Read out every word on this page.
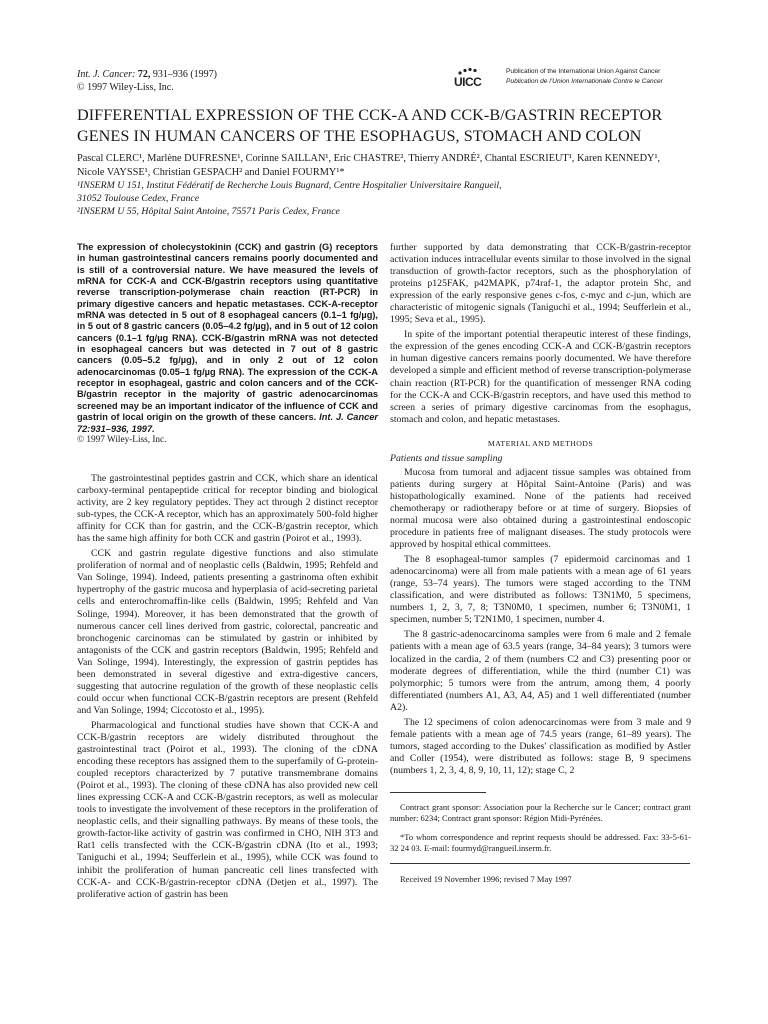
Int. J. Cancer: 72, 931–936 (1997)
© 1997 Wiley-Liss, Inc.	UICC
Publication of the International Union Against Cancer
Publication de l’Union Internationale Contre le Cancer
DIFFERENTIAL EXPRESSION OF THE CCK-A AND CCK-B/GASTRIN RECEPTOR
GENES IN HUMAN CANCERS OF THE ESOPHAGUS, STOMACH AND COLON
Pascal CLERC¹, Marlène DUFRESNE¹, Corinne SAILLAN¹, Eric CHASTRE², Thierry ANDRÉ², Chantal ESCRIEUT¹, Karen KENNEDY¹,
Nicole VAYSSE¹, Christian GESPACH² and Daniel FOURMY¹*
¹INSERM U 151, Institut Fédératif de Recherche Louis Bugnard, Centre Hospitalier Universitaire Rangueil,
31052 Toulouse Cedex, France
²INSERM U 55, Hôpital Saint Antoine, 75571 Paris Cedex, France
The expression of cholecystokinin (CCK) and gastrin (G) receptors in human gastrointestinal cancers remains poorly documented and is still of a controversial nature. We have measured the levels of mRNA for CCK-A and CCK-B/gastrin receptors using quantitative reverse transcription-polymerase chain reaction (RT-PCR) in primary digestive cancers and hepatic metastases. CCK-A-receptor mRNA was detected in 5 out of 8 esophageal cancers (0.1–1 fg/µg), in 5 out of 8 gastric cancers (0.05–4.2 fg/µg), and in 5 out of 12 colon cancers (0.1–1 fg/µg RNA). CCK-B/gastrin mRNA was not detected in esophageal cancers but was detected in 7 out of 8 gastric cancers (0.05–5.2 fg/µg), and in only 2 out of 12 colon adenocarcinomas (0.05–1 fg/µg RNA). The expression of the CCK-A receptor in esophageal, gastric and colon cancers and of the CCK-B/gastrin receptor in the majority of gastric adenocarcinomas screened may be an important indicator of the influence of CCK and gastrin of local origin on the growth of these cancers. Int. J. Cancer 72:931–936, 1997.
© 1997 Wiley-Liss, Inc.

The gastrointestinal peptides gastrin and CCK, which share an identical carboxy-terminal pentapeptide critical for receptor binding and biological activity, are 2 key regulatory peptides. They act through 2 distinct receptor sub-types, the CCK-A receptor, which has an approximately 500-fold higher affinity for CCK than for gastrin, and the CCK-B/gastrin receptor, which has the same high affinity for both CCK and gastrin (Poirot et al., 1993).

CCK and gastrin regulate digestive functions and also stimulate proliferation of normal and of neoplastic cells (Baldwin, 1995; Rehfeld and Van Solinge, 1994). Indeed, patients presenting a gastrinoma often exhibit hypertrophy of the gastric mucosa and hyperplasia of acid-secreting parietal cells and enterochromaffin-like cells (Baldwin, 1995; Rehfeld and Van Solinge, 1994). Moreover, it has been demonstrated that the growth of numerous cancer cell lines derived from gastric, colorectal, pancreatic and bronchogenic carcinomas can be stimulated by gastrin or inhibited by antagonists of the CCK and gastrin receptors (Baldwin, 1995; Rehfeld and Van Solinge, 1994). Interestingly, the expression of gastrin peptides has been demonstrated in several digestive and extra-digestive cancers, suggesting that autocrine regulation of the growth of these neoplastic cells could occur when functional CCK-B/gastrin receptors are present (Rehfeld and Van Solinge, 1994; Ciccotosto et al., 1995).

Pharmacological and functional studies have shown that CCK-A and CCK-B/gastrin receptors are widely distributed throughout the gastrointestinal tract (Poirot et al., 1993). The cloning of the cDNA encoding these receptors has assigned them to the superfamily of G-protein-coupled receptors characterized by 7 putative transmembrane domains (Poirot et al., 1993). The cloning of these cDNA has also provided new cell lines expressing CCK-A and CCK-B/gastrin receptors, as well as molecular tools to investigate the involvement of these receptors in the proliferation of neoplastic cells, and their signalling pathways. By means of these tools, the growth-factor-like activity of gastrin was confirmed in CHO, NIH 3T3 and Rat1 cells transfected with the CCK-B/gastrin cDNA (Ito et al., 1993; Taniguchi et al., 1994; Seufferlein et al., 1995), while CCK was found to inhibit the proliferation of human pancreatic cell lines transfected with CCK-A- and CCK-B/gastrin-receptor cDNA (Detjen et al., 1997). The proliferative action of gastrin has been

further supported by data demonstrating that CCK-B/gastrin-receptor activation induces intracellular events similar to those involved in the signal transduction of growth-factor receptors, such as the phosphorylation of proteins p125FAK, p42MAPK, p74raf-1, the adaptor protein Shc, and expression of the early responsive genes c-fos, c-myc and c-jun, which are characteristic of mitogenic signals (Taniguchi et al., 1994; Seufferlein et al., 1995; Seva et al., 1995).

In spite of the important potential therapeutic interest of these findings, the expression of the genes encoding CCK-A and CCK-B/gastrin receptors in human digestive cancers remains poorly documented. We have therefore developed a simple and efficient method of reverse transcription-polymerase chain reaction (RT-PCR) for the quantification of messenger RNA coding for the CCK-A and CCK-B/gastrin receptors, and have used this method to screen a series of primary digestive carcinomas from the esophagus, stomach and colon, and hepatic metastases.

MATERIAL AND METHODS
Patients and tissue sampling

Mucosa from tumoral and adjacent tissue samples was obtained from patients during surgery at Hôpital Saint-Antoine (Paris) and was histopathologically examined. None of the patients had received chemotherapy or radiotherapy before or at time of surgery. Biopsies of normal mucosa were also obtained during a gastrointestinal endoscopic procedure in patients free of malignant diseases. The study protocols were approved by hospital ethical committees.

The 8 esophageal-tumor samples (7 epidermoid carcinomas and 1 adenocarcinoma) were all from male patients with a mean age of 61 years (range, 53–74 years). The tumors were staged according to the TNM classification, and were distributed as follows: T3N1M0, 5 specimens, numbers 1, 2, 3, 7, 8; T3N0M0, 1 specimen, number 6; T3N0M1, 1 specimen, number 5; T2N1M0, 1 specimen, number 4.

The 8 gastric-adenocarcinoma samples were from 6 male and 2 female patients with a mean age of 63.5 years (range, 34–84 years); 3 tumors were localized in the cardia, 2 of them (numbers C2 and C3) presenting poor or moderate degrees of differentiation, while the third (number C1) was polymorphic; 5 tumors were from the antrum, among them, 4 poorly differentiated (numbers A1, A3, A4, A5) and 1 well differentiated (number A2).

The 12 specimens of colon adenocarcinomas were from 3 male and 9 female patients with a mean age of 74.5 years (range, 61–89 years). The tumors, staged according to the Dukes' classification as modified by Astler and Coller (1954), were distributed as follows: stage B, 9 specimens (numbers 1, 2, 3, 4, 8, 9, 10, 11, 12); stage C, 2

Contract grant sponsor: Association pour la Recherche sur le Cancer; contract grant number: 6234; Contract grant sponsor: Région Midi-Pyrénées.

*To whom correspondence and reprint requests should be addressed. Fax: 33-5-61-32 24 03. E-mail: fourmyd@rangueil.inserm.fr.

Received 19 November 1996; revised 7 May 1997
